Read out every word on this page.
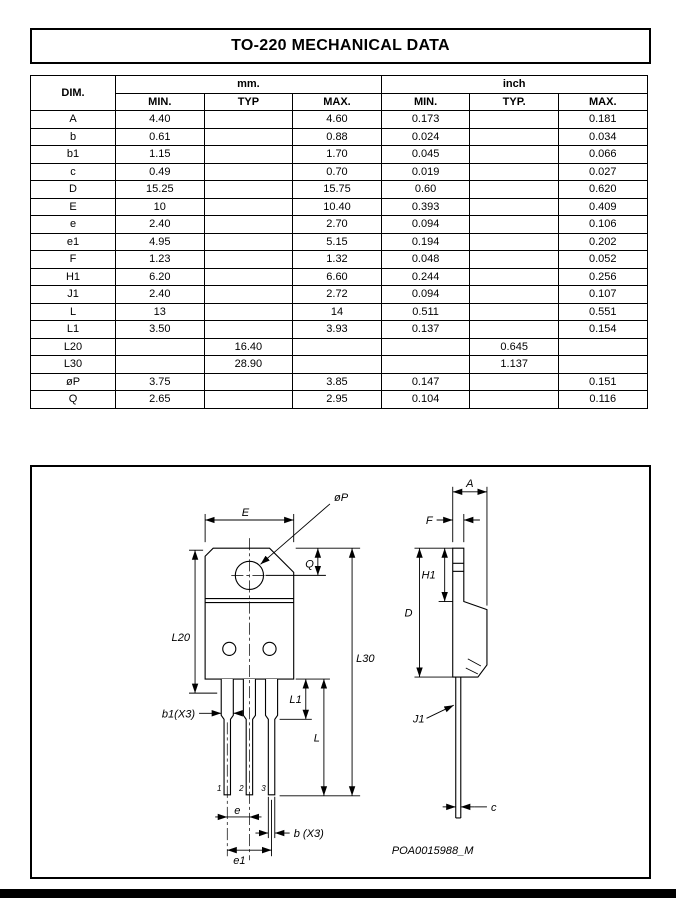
TO-220 MECHANICAL DATA
DIM.	mm.			inch		
	MIN.	TYP	MAX.	MIN.	TYP.	MAX.
A	4.40		4.60	0.173		0.181
b	0.61		0.88	0.024		0.034
b1	1.15		1.70	0.045		0.066
c	0.49		0.70	0.019		0.027
D	15.25		15.75	0.60		0.620
E	10		10.40	0.393		0.409
e	2.40		2.70	0.094		0.106
e1	4.95		5.15	0.194		0.202
F	1.23		1.32	0.048		0.052
H1	6.20		6.60	0.244		0.256
J1	2.40		2.72	0.094		0.107
L	13		14	0.511		0.551
L1	3.50		3.93	0.137		0.154
L20		16.40			0.645	
L30		28.90			1.137	
øP	3.75		3.85	0.147		0.151
Q	2.65		2.95	0.104		0.116
E
øP
Q
L20
L30
L1
L
b1(X3)
1 2 3
e
b (X3)
e1
A
F
H1
D
J1
c
POA0015988_M
